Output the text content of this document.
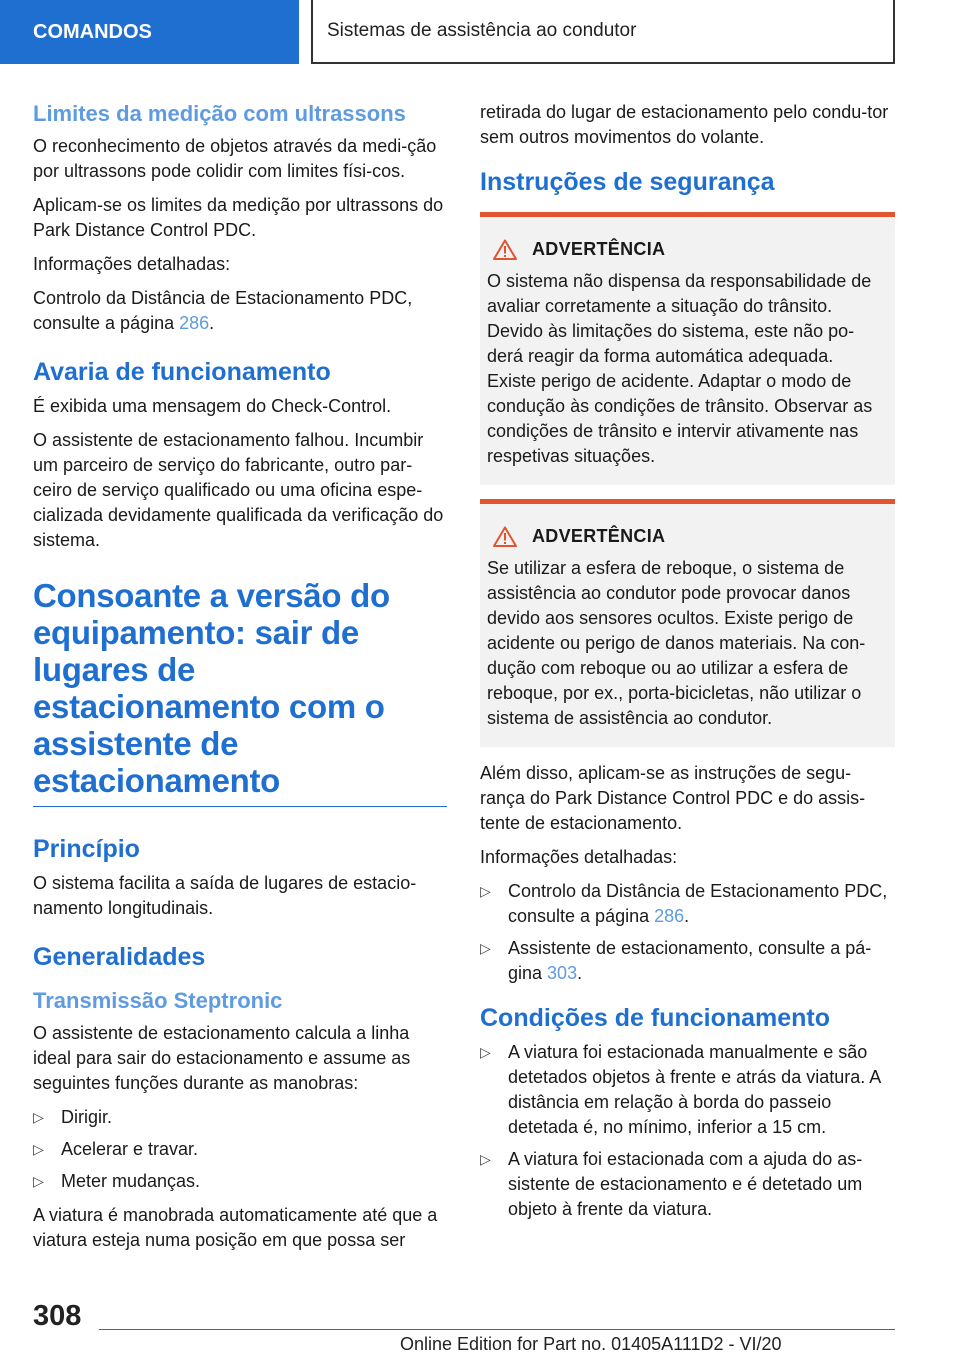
COMANDOS	Sistemas de assistência ao condutor
Limites da medição com ultrassons

O reconhecimento de objetos através da medi-ção por ultrassons pode colidir com limites físi-cos.

Aplicam-se os limites da medição por ultrassons do Park Distance Control PDC.

Informações detalhadas:

Controlo da Distância de Estacionamento PDC, consulte a página 286.

Avaria de funcionamento

É exibida uma mensagem do Check-Control.

O assistente de estacionamento falhou. Incumbir um parceiro de serviço do fabricante, outro par-ceiro de serviço qualificado ou uma oficina espe-cializada devidamente qualificada da verificação do sistema.

Consoante a versão do equipamento: sair de lugares de estacionamento com o assistente de estacionamento
Princípio

O sistema facilita a saída de lugares de estacio-namento longitudinais.

Generalidades
Transmissão Steptronic

O assistente de estacionamento calcula a linha ideal para sair do estacionamento e assume as seguintes funções durante as manobras:

▷ Dirigir.
▷ Acelerar e travar.
▷ Meter mudanças.

A viatura é manobrada automaticamente até que a viatura esteja numa posição em que possa ser

retirada do lugar de estacionamento pelo condu-tor sem outros movimentos do volante.

Instruções de segurança
ADVERTÊNCIA

O sistema não dispensa da responsabilidade de avaliar corretamente a situação do trânsito. Devido às limitações do sistema, este não po-derá reagir da forma automática adequada. Existe perigo de acidente. Adaptar o modo de condução às condições de trânsito. Observar as condições de trânsito e intervir ativamente nas respetivas situações.

ADVERTÊNCIA

Se utilizar a esfera de reboque, o sistema de assistência ao condutor pode provocar danos devido aos sensores ocultos. Existe perigo de acidente ou perigo de danos materiais. Na con-dução com reboque ou ao utilizar a esfera de reboque, por ex., porta-bicicletas, não utilizar o sistema de assistência ao condutor.

Além disso, aplicam-se as instruções de segu-rança do Park Distance Control PDC e do assis-tente de estacionamento.

Informações detalhadas:

▷ Controlo da Distância de Estacionamento PDC, consulte a página 286.
▷ Assistente de estacionamento, consulte a pá-gina 303.
Condições de funcionamento
▷ A viatura foi estacionada manualmente e são detetados objetos à frente e atrás da viatura. A distância em relação à borda do passeio detetada é, no mínimo, inferior a 15 cm.
▷ A viatura foi estacionada com a ajuda do as-sistente de estacionamento e é detetado um objeto à frente da viatura.
308
Online Edition for Part no. 01405A111D2 - VI/20
